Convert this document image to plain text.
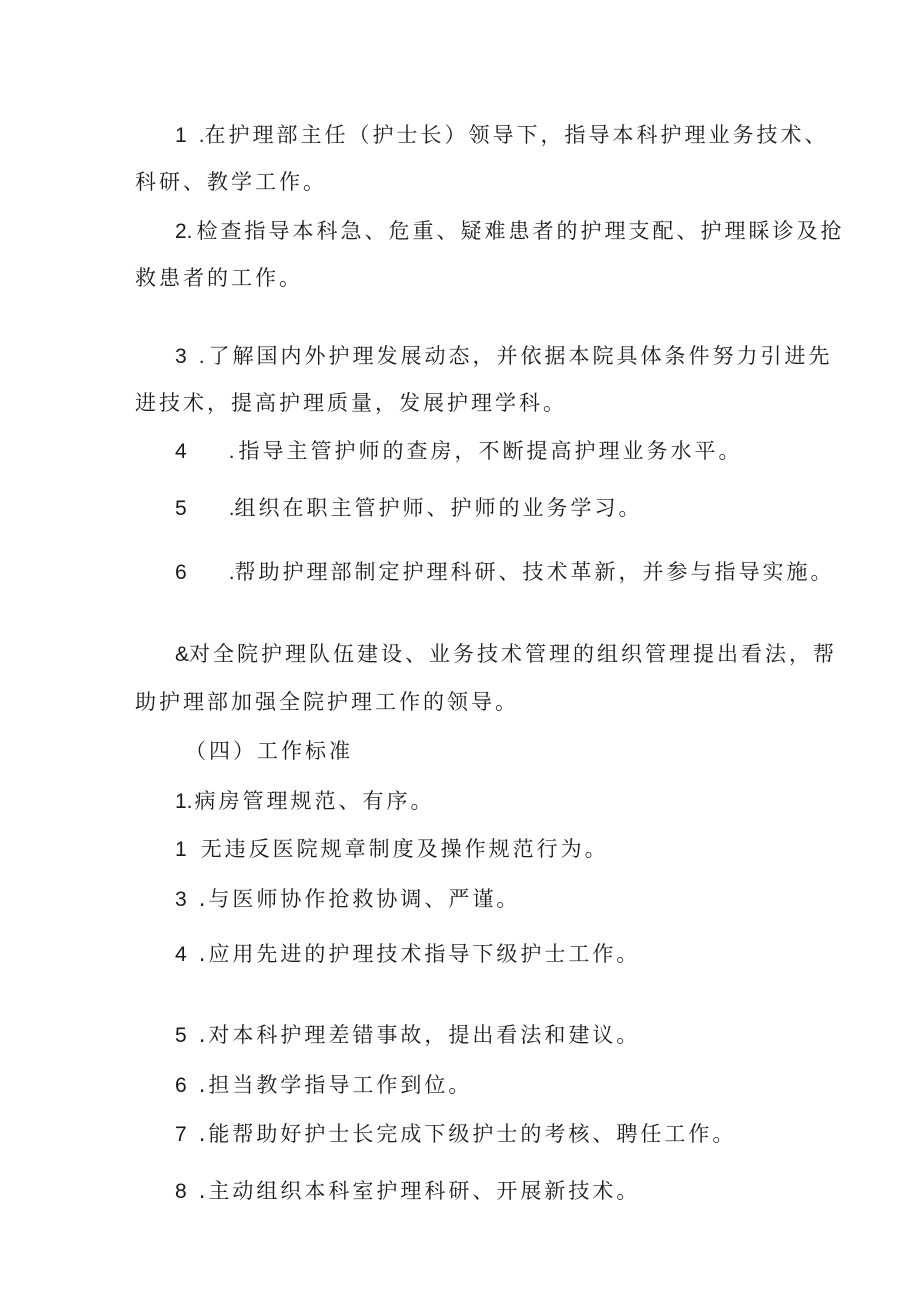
1 .在护理部主任（护士长）领导下，指导本科护理业务技术、
科研、教学工作。
2. 检查指导本科急、危重、疑难患者的护理支配、护理睬诊及抢
救患者的工作。
3 . 了解国内外护理发展动态，并依据本院具体条件努力引进先
进技术，提高护理质量，发展护理学科。
4 . 指导主管护师的查房，不断提高护理业务水平。
5 .组织在职主管护师、护师的业务学习。
6 .帮助护理部制定护理科研、技术革新，并参与指导实施。
&对全院护理队伍建设、业务技术管理的组织管理提出看法，帮
助护理部加强全院护理工作的领导。
（四）工作标准
1.病房管理规范、有序。
1 无违反医院规章制度及操作规范行为。
3 .与医师协作抢救协调、严谨。
4 .应用先进的护理技术指导下级护士工作。
5 .对本科护理差错事故，提出看法和建议。
6 .担当教学指导工作到位。
7 .能帮助好护士长完成下级护士的考核、聘任工作。
8 .主动组织本科室护理科研、开展新技术。
